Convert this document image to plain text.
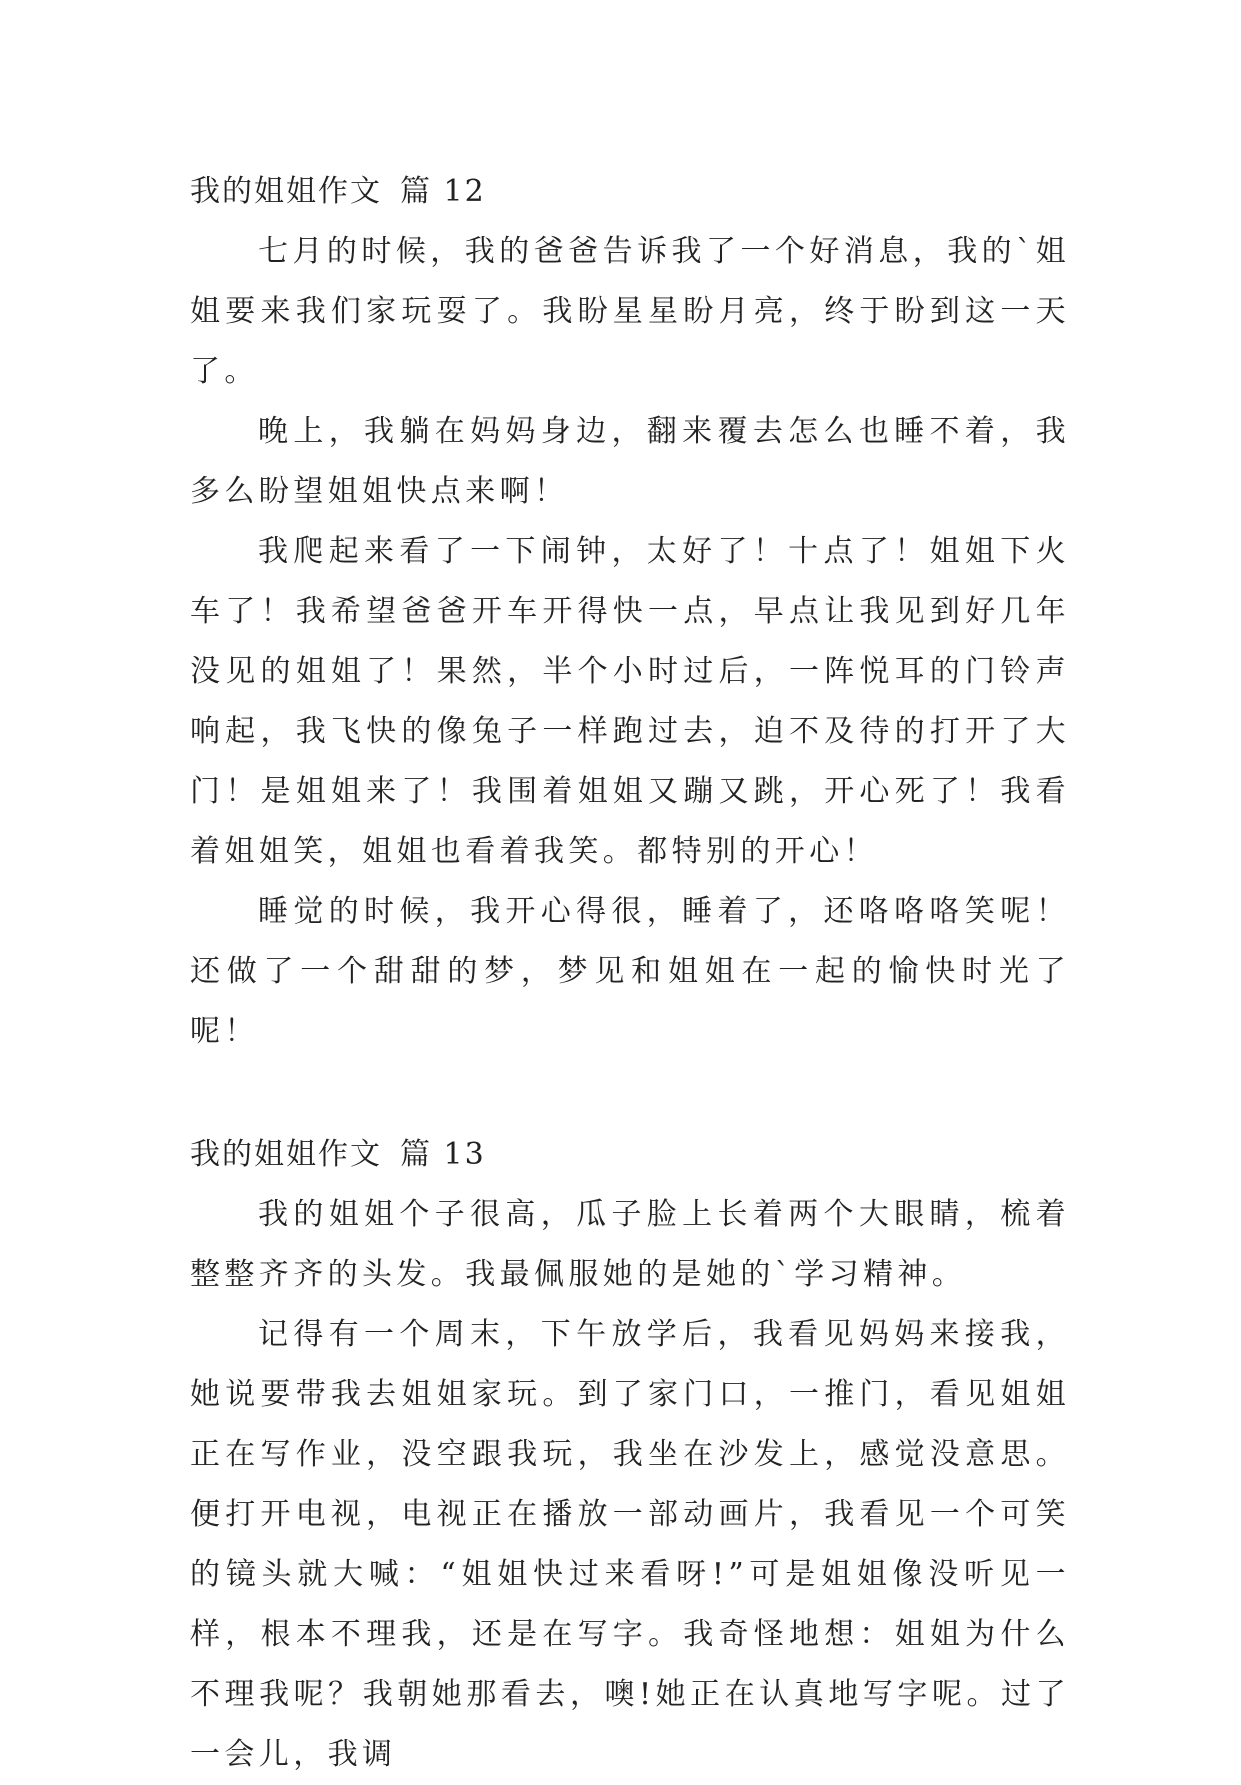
我的姐姐作文 篇 12

七月的时候，我的爸爸告诉我了一个好消息，我的`姐姐要来我们家玩耍了。我盼星星盼月亮，终于盼到这一天了。

晚上，我躺在妈妈身边，翻来覆去怎么也睡不着，我多么盼望姐姐快点来啊！

我爬起来看了一下闹钟，太好了！十点了！姐姐下火车了！我希望爸爸开车开得快一点，早点让我见到好几年没见的姐姐了！果然，半个小时过后，一阵悦耳的门铃声响起，我飞快的像兔子一样跑过去，迫不及待的打开了大门！是姐姐来了！我围着姐姐又蹦又跳，开心死了！我看着姐姐笑，姐姐也看着我笑。都特别的开心！

睡觉的时候，我开心得很，睡着了，还咯咯咯笑呢！还做了一个甜甜的梦，梦见和姐姐在一起的愉快时光了呢！

我的姐姐作文 篇 13

我的姐姐个子很高，瓜子脸上长着两个大眼睛，梳着整整齐齐的头发。我最佩服她的是她的`学习精神。

记得有一个周末，下午放学后，我看见妈妈来接我，她说要带我去姐姐家玩。到了家门口，一推门，看见姐姐正在写作业，没空跟我玩，我坐在沙发上，感觉没意思。便打开电视，电视正在播放一部动画片，我看见一个可笑的镜头就大喊：“姐姐快过来看呀!”可是姐姐像没听见一样，根本不理我，还是在写字。我奇怪地想：姐姐为什么不理我呢？我朝她那看去，噢!她正在认真地写字呢。过了一会儿，我调
